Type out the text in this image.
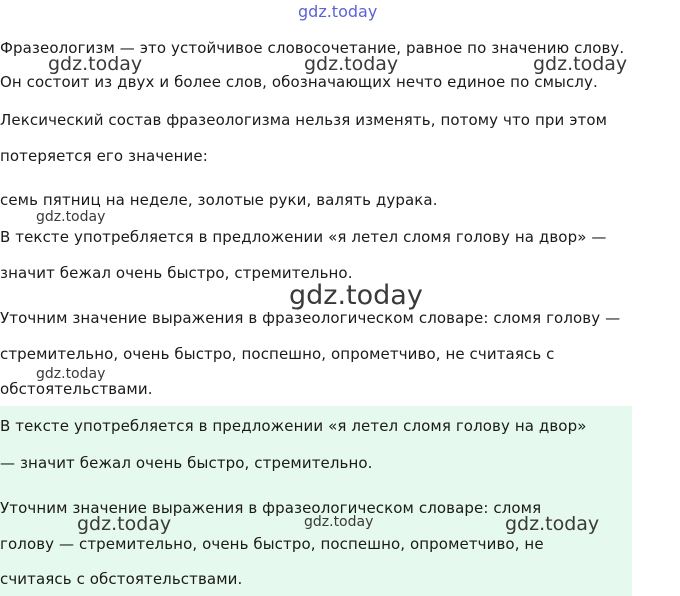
Фразеологизм — это устойчивое словосочетание, равное по значению слову.
Он состоит из двух и более слов, обозначающих нечто единое по смыслу.
Лексический состав фразеологизма нельзя изменять, потому что при этом
потеряется его значение:
семь пятниц на неделе, золотые руки, валять дурака.
В тексте употребляется в предложении «я летел сломя голову на двор» —
значит бежал очень быстро, стремительно.
Уточним значение выражения в фразеологическом словаре: сломя голову —
стремительно, очень быстро, поспешно, опрометчиво, не считаясь с
обстоятельствами.
В тексте употребляется в предложении «я летел сломя голову на двор»
— значит бежал очень быстро, стремительно.
Уточним значение выражения в фразеологическом словаре: сломя
голову — стремительно, очень быстро, поспешно, опрометчиво, не
считаясь с обстоятельствами.
gdz.today
gdz.today	gdz.today	gdz.today
gdz.today
gdz.today
gdz.today
gdz.today	gdz.today	gdz.today
